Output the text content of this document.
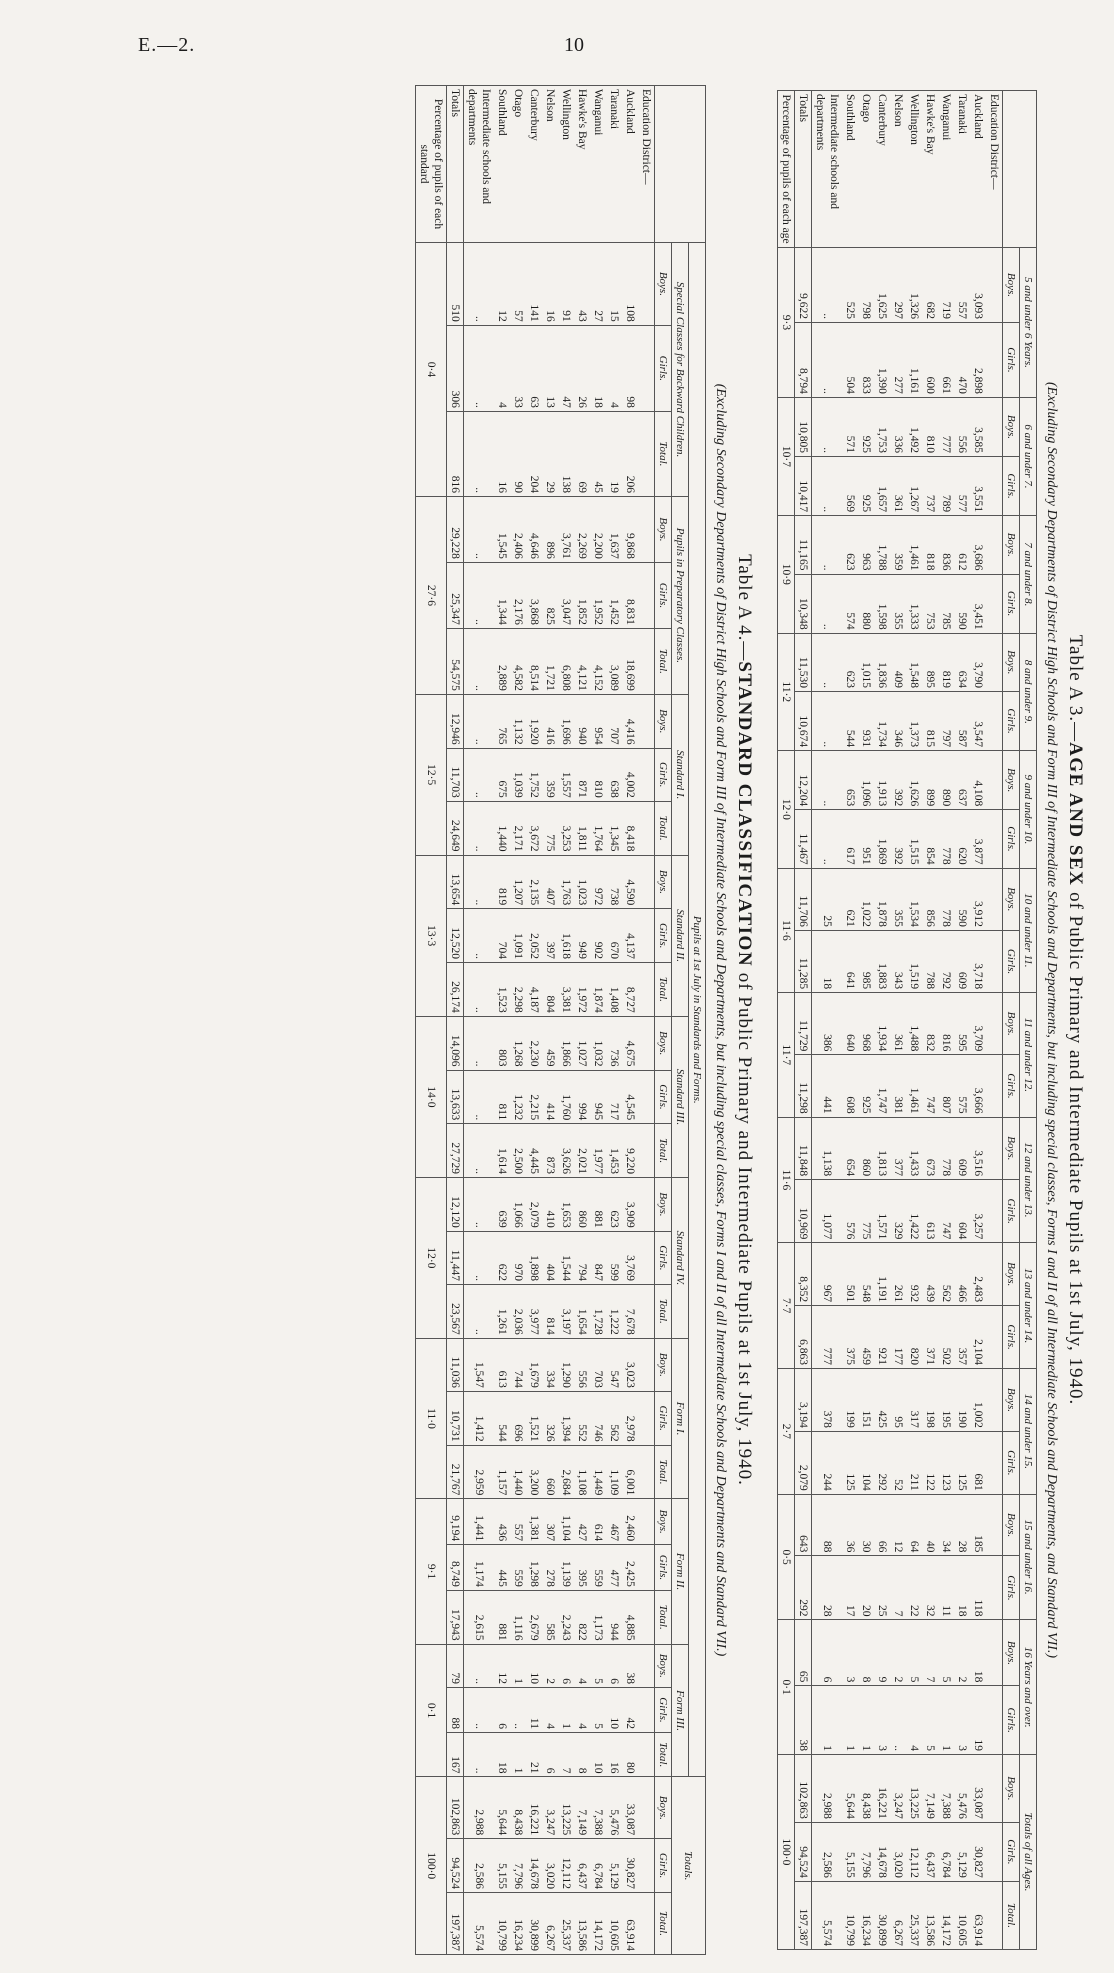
E.—2.	10
Table A 3.—AGE AND SEX of Public Primary and Intermediate Pupils at 1st July, 1940.
(Excluding Secondary Departments of District High Schools and Form III of Intermediate Schools and Departments, but including special classes, Forms I and II of all Intermediate Schools and Departments, and Standard VII.)
	5 and under 6 Years.		6 and under 7.		7 and under 8.		8 and under 9.		9 and under 10.		10 and under 11.		11 and under 12.		12 and under 13.		13 and under 14.		14 and under 15.		15 and under 16.		16 Years and over.		Totals of all Ages.		
	Boys.	Girls.	Boys.	Girls.	Boys.	Girls.	Boys.	Girls.	Boys.	Girls.	Boys.	Girls.	Boys.	Girls.	Boys.	Girls.	Boys.	Girls.	Boys.	Girls.	Boys.	Girls.	Boys.	Girls.	Boys.	Girls.	Total.
Education District—																											
Auckland	3,093	2,898	3,585	3,551	3,686	3,451	3,790	3,547	4,108	3,877	3,912	3,718	3,709	3,666	3,516	3,257	2,483	2,104	1,002	681	185	118	18	19	33,087	30,827	63,914
Taranaki	557	470	556	577	612	590	634	587	637	620	590	609	595	575	609	604	466	357	190	125	28	18	2	3	5,476	5,129	10,605
Wanganui	719	661	777	789	836	785	819	797	890	778	778	792	816	807	778	747	562	502	195	123	34	11	5	1	7,388	6,784	14,172
Hawke's Bay	682	600	810	737	818	753	895	815	899	854	856	788	832	747	673	613	439	371	198	122	40	32	7	5	7,149	6,437	13,586
Wellington	1,326	1,161	1,492	1,267	1,461	1,333	1,548	1,373	1,626	1,515	1,534	1,519	1,488	1,461	1,433	1,422	932	820	317	211	64	22	5	4	13,225	12,112	25,337
Nelson	297	277	336	361	359	355	409	346	392	392	355	343	361	381	377	329	261	177	95	52	12	7	2	..	3,247	3,020	6,267
Canterbury	1,625	1,390	1,753	1,657	1,788	1,598	1,836	1,734	1,913	1,869	1,878	1,883	1,934	1,747	1,813	1,571	1,191	921	425	292	66	25	9	3	16,221	14,678	30,899
Otago	798	833	925	925	963	880	1,015	931	1,096	951	1,022	985	968	925	860	775	548	459	151	104	30	20	8	1	8,438	7,796	16,234
Southland	525	504	571	569	623	574	623	544	653	617	621	641	640	608	654	576	501	375	199	125	36	17	3	1	5,644	5,155	10,799
Intermediate schools and departments	..	..	..	..	..	..	..	..	..	..	25	18	386	441	1,138	1,077	967	777	378	244	88	28	6	1	2,988	2,586	5,574
Totals	9,622	8,794	10,805	10,417	11,165	10,348	11,530	10,674	12,204	11,467	11,706	11,285	11,729	11,298	11,848	10,969	8,352	6,863	3,194	2,079	643	292	65	38	102,863	94,524	197,387
Percentage of pupils of each age	9·3		10·7		10·9		11·2		12·0		11·6		11·7		11·6		7·7		2·7		0·5		0·1		100·0		
Table A 4.—STANDARD CLASSIFICATION of Public Primary and Intermediate Pupils at 1st July, 1940.
(Excluding Secondary Departments of District High Schools and Form III of Intermediate Schools and Departments, but including special classes, Forms I and II of all Intermediate Schools and Departments and Standard VII.)
	Pupils at 1st July in Standards and Forms.																											Totals.		
	Special Classes for Backward Children.			Pupils in Preparatory Classes.			Standard I.			Standard II.			Standard III.			Standard IV.			Form I.			Form II.			Form III.					
	Boys.	Girls.	Total.	Boys.	Girls.	Total.	Boys.	Girls.	Total.	Boys.	Girls.	Total.	Boys.	Girls.	Total.	Boys.	Girls.	Total.	Boys.	Girls.	Total.	Boys.	Girls.	Total.	Boys.	Girls.	Total.	Boys.	Girls.	Total.
Education District—																														
Auckland	108	98	206	9,868	8,831	18,699	4,416	4,002	8,418	4,590	4,137	8,727	4,675	4,545	9,220	3,909	3,769	7,678	3,023	2,978	6,001	2,460	2,425	4,885	38	42	80	33,087	30,827	63,914
Taranaki	15	4	19	1,637	1,452	3,089	707	638	1,345	738	670	1,408	736	717	1,453	623	599	1,222	547	562	1,109	467	477	944	6	10	16	5,476	5,129	10,605
Wanganui	27	18	45	2,200	1,952	4,152	954	810	1,764	972	902	1,874	1,032	945	1,977	881	847	1,728	703	746	1,449	614	559	1,173	5	5	10	7,388	6,784	14,172
Hawke's Bay	43	26	69	2,269	1,852	4,121	940	871	1,811	1,023	949	1,972	1,027	994	2,021	860	794	1,654	556	552	1,108	427	395	822	4	4	8	7,149	6,437	13,586
Wellington	91	47	138	3,761	3,047	6,808	1,696	1,557	3,253	1,763	1,618	3,381	1,866	1,760	3,626	1,653	1,544	3,197	1,290	1,394	2,684	1,104	1,139	2,243	6	1	7	13,225	12,112	25,337
Nelson	16	13	29	896	825	1,721	416	359	775	407	397	804	459	414	873	410	404	814	334	326	660	307	278	585	2	4	6	3,247	3,020	6,267
Canterbury	141	63	204	4,646	3,868	8,514	1,920	1,752	3,672	2,135	2,052	4,187	2,230	2,215	4,445	2,079	1,898	3,977	1,679	1,521	3,200	1,381	1,298	2,679	10	11	21	16,221	14,678	30,899
Otago	57	33	90	2,406	2,176	4,582	1,132	1,039	2,171	1,207	1,091	2,298	1,268	1,232	2,500	1,066	970	2,036	744	696	1,440	557	559	1,116	1	..	1	8,438	7,796	16,234
Southland	12	4	16	1,545	1,344	2,889	765	675	1,440	819	704	1,523	803	811	1,614	639	622	1,261	613	544	1,157	436	445	881	12	6	18	5,644	5,155	10,799
Intermediate schools and departments	..	..	..	..	..	..	..	..	..	..	..	..	..	..	..	..	..	..	1,547	1,412	2,959	1,441	1,174	2,615	..	..	..	2,988	2,586	5,574
Totals	510	306	816	29,228	25,347	54,575	12,946	11,703	24,649	13,654	12,520	26,174	14,096	13,633	27,729	12,120	11,447	23,567	11,036	10,731	21,767	9,194	8,749	17,943	79	88	167	102,863	94,524	197,387
Percentage of pupils of each standard	0·4			27·6			12·5			13·3			14·0			12·0			11·0			9·1			0·1			100·0		
